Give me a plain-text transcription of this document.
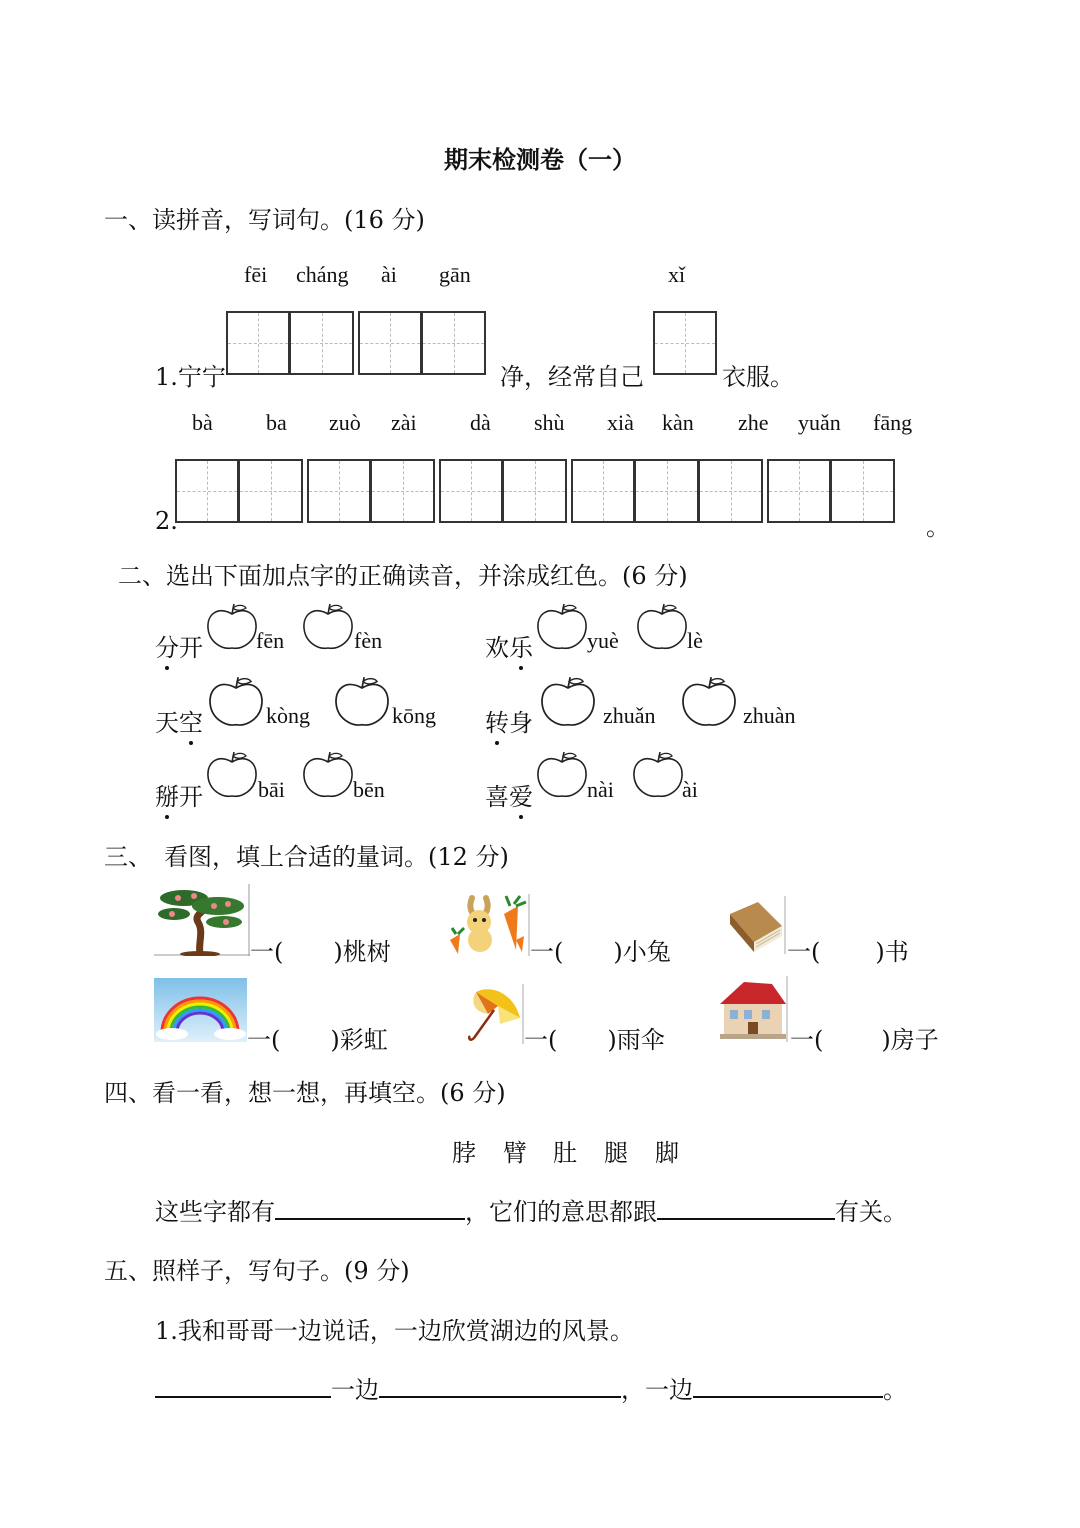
期末检测卷（一）
一、读拼音，写词句。(16 分)
fēi cháng ài gān	xǐ
1.宁宁	净，经常自己	衣服。
bà ba zuò zài dà shù xià kàn zhe yuǎn fāng
2.	。
二、选出下面加点字的正确读音，并涂成红色。(6 分)
分开 fēn	fèn	欢乐 yuè	lè
天空	kòng	kōng 转身	zhuǎn	zhuàn
掰开	bāi	bēn	喜爱 nài	ài
三、　看图，填上合适的量词。(12 分)
一( )桃树	一( )小兔	一( )书
一( )彩虹	一( )雨伞	一( )房子
四、看一看，想一想，再填空。(6 分)
脖 臂 肚 腿 脚
这些字都有	，它们的意思都跟	有关。
五、照样子，写句子。(9 分)
1.我和哥哥一边说话，一边欣赏湖边的风景。
一边	，一边	。
